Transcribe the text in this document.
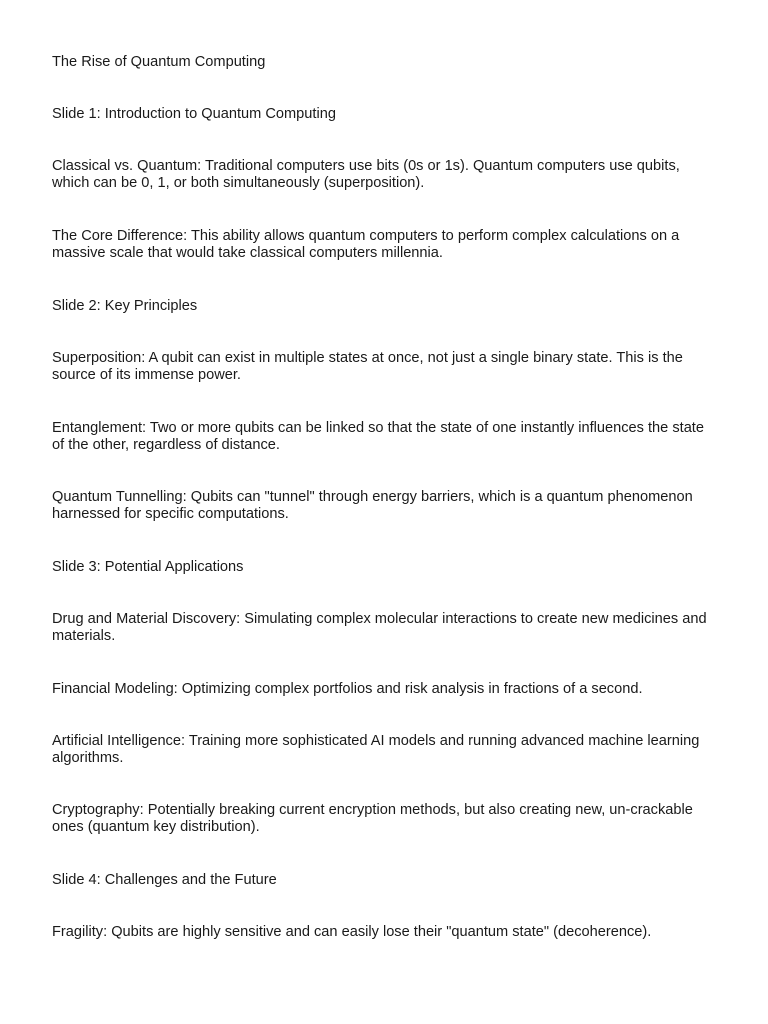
The Rise of Quantum Computing

Slide 1: Introduction to Quantum Computing

Classical vs. Quantum: Traditional computers use bits (0s or 1s). Quantum computers use qubits, which can be 0, 1, or both simultaneously (superposition).

The Core Difference: This ability allows quantum computers to perform complex calculations on a massive scale that would take classical computers millennia.

Slide 2: Key Principles

Superposition: A qubit can exist in multiple states at once, not just a single binary state. This is the source of its immense power.

Entanglement: Two or more qubits can be linked so that the state of one instantly influences the state of the other, regardless of distance.

Quantum Tunnelling: Qubits can "tunnel" through energy barriers, which is a quantum phenomenon harnessed for specific computations.

Slide 3: Potential Applications

Drug and Material Discovery: Simulating complex molecular interactions to create new medicines and materials.

Financial Modeling: Optimizing complex portfolios and risk analysis in fractions of a second.

Artificial Intelligence: Training more sophisticated AI models and running advanced machine learning algorithms.

Cryptography: Potentially breaking current encryption methods, but also creating new, un-crackable ones (quantum key distribution).

Slide 4: Challenges and the Future

Fragility: Qubits are highly sensitive and can easily lose their "quantum state" (decoherence).
